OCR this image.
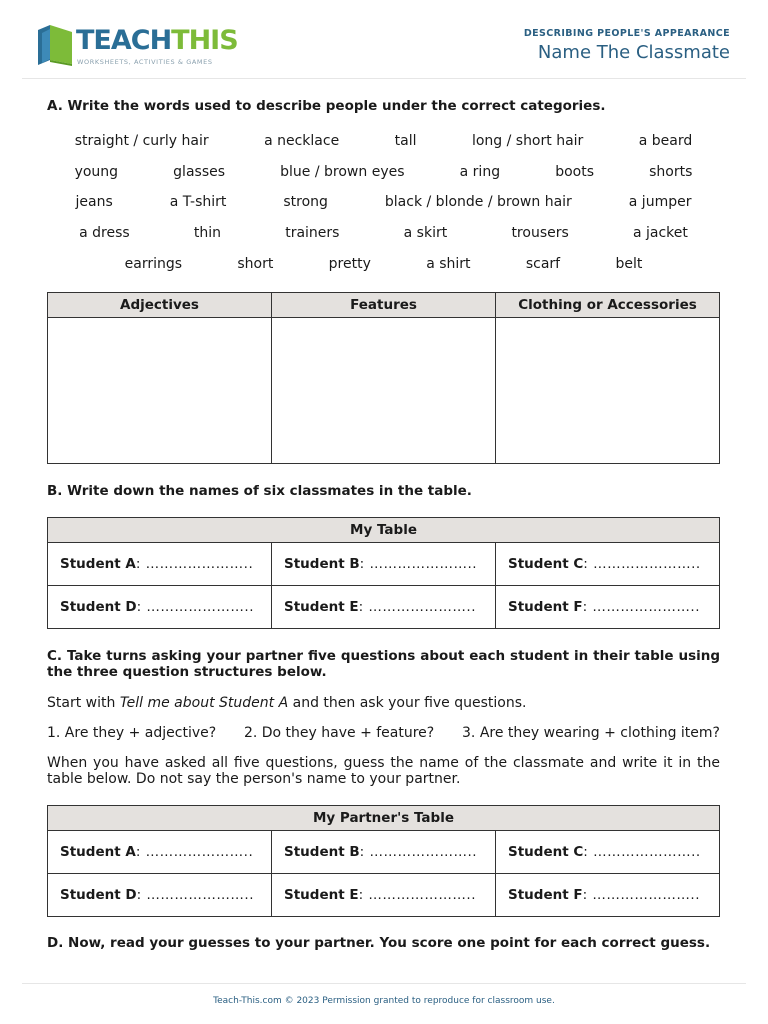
TEACHTHIS
WORKSHEETS, ACTIVITIES & GAMES
DESCRIBING PEOPLE'S APPEARANCE
Name The Classmate

A. Write the words used to describe people under the correct categories.

straight / curly hair	a necklace	tall	long / short hair	a beard
young	glasses	blue / brown eyes	a ring	boots	shorts
jeans	a T-shirt	strong	black / blonde / brown hair	a jumper
a dress	thin	trainers	a skirt	trousers	a jacket
earrings	short	pretty	a shirt	scarf	belt
Adjectives	Features	Clothing or Accessories

B. Write down the names of six classmates in the table.

My Table		
Student A: …………………..	Student B: …………………..	Student C: …………………..
Student D: …………………..	Student E: …………………..	Student F: …………………..

C. Take turns asking your partner five questions about each student in their table using the three question structures below.

Start with Tell me about Student A and then ask your five questions.

1. Are they + adjective? 2. Do they have + feature? 3. Are they wearing + clothing item?

When you have asked all five questions, guess the name of the classmate and write it in the table below. Do not say the person's name to your partner.

My Partner's Table		
Student A: …………………..	Student B: …………………..	Student C: …………………..
Student D: …………………..	Student E: …………………..	Student F: …………………..

D. Now, read your guesses to your partner. You score one point for each correct guess.

Teach-This.com © 2023 Permission granted to reproduce for classroom use.
